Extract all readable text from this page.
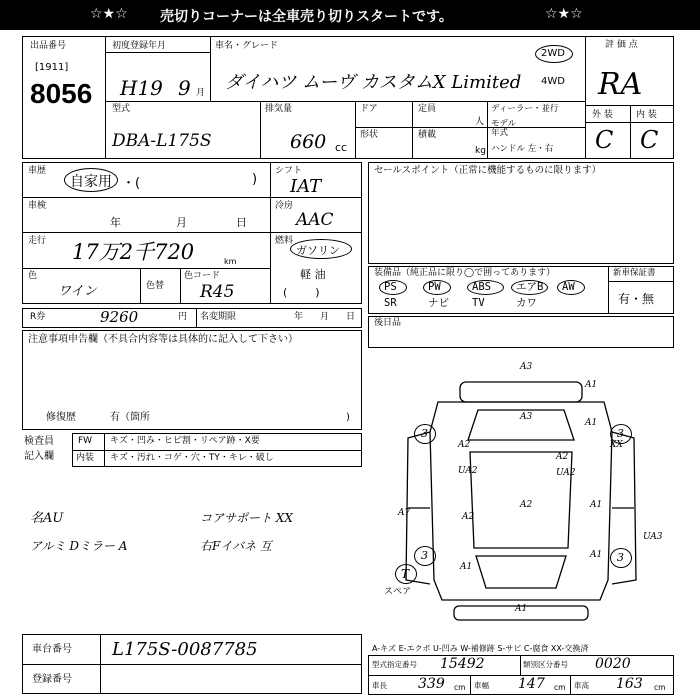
☆★☆ 売切りコーナーは全車売り切りスタートです。	☆★☆
出品番号
[1911]
8056
初度登録年月
H19 9 月
車名・グレード
ダイハツ ムーヴ カスタムX Limited
2WD
4WD
評 価 点
RA
外 装	内 装
C C
型式
DBA-L175S
排気量
660 cc
ドア	定員
人
ディーラー・並行
モデル
年式
ハンドル 左・右
形状	積載
kg
車歴
自家用 ・(	)
車検
年	月	日
走行 17万2千720	km
色
ワイン	色替
色コード
R45
シフト
IAT
冷房
AAC
燃料
ガソリン
軽 油
(        )
セールスポイント（正常に機能するものに限ります）
装備品（純正品に限り◯で囲ってあります）	新車保証書
有・無
PS	PW	ABS エアB AW
SR	ナビ TV	カワ
R券	9260	円 名変期限	年 月 日
後日品
注意事項申告欄（不具合内容等は具体的に記入して下さい）
修復歴	有（箇所	)
検査員
記入欄
FW キズ・凹み・ヒビ割・リペア跡・X要
内装 キズ・汚れ・コゲ・穴・TY・キレ・破し
名AU
アルミ Dミラー A
コアサポート XX
右Fイバネ 互
A3
A3
A1
A1
A2
A2
A2
A2
XX
UA2	UA2
A7
A1
A1
UA3
A1
A1
3	3
3	3
T
スペア
A-キズ E-エクボ U-凹み W-補修跡 S-サビ C-腐食 XX-交換済
車台番号 L175S-0087785
登録番号
型式指定番号 15492	類別区分番号 0020
車長 339 cm 車幅 147 cm 車高 163 cm
